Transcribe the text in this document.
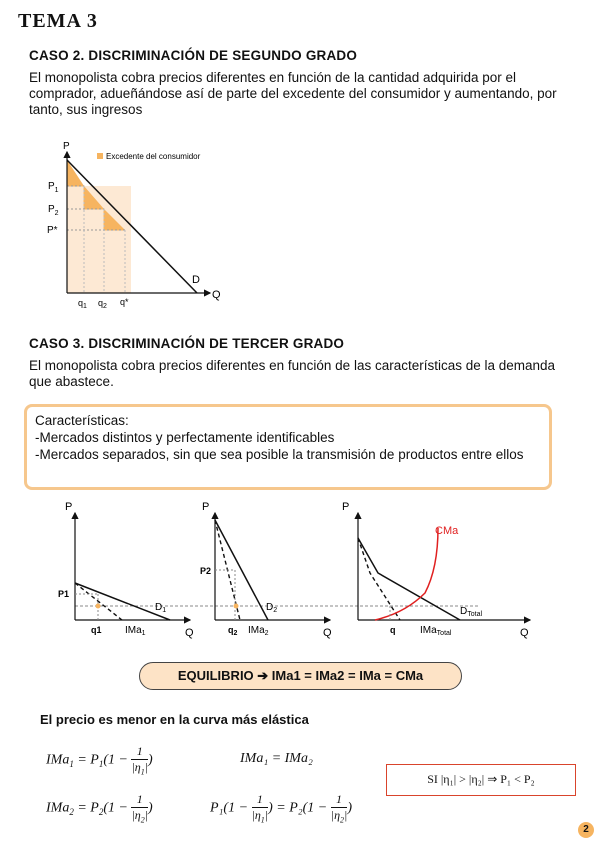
TEMA 3
CASO 2. DISCRIMINACIÓN DE SEGUNDO GRADO
El monopolista cobra precios diferentes en función de la cantidad adquirida por el comprador, adueñándose así de parte del excedente del consumidor y aumentando, por tanto, sus ingresos
P
Q
Excedente del consumidor
$P_1$
$P_2$
P*
$q_1$ $q_2$ q*
D
CASO 3. DISCRIMINACIÓN DE TERCER GRADO
El monopolista cobra precios diferentes en función de las características de la demanda que abastece.
Características:
-Mercados distintos y perfectamente identificables
-Mercados separados, sin que sea posible la transmisión de productos entre ellos
P
Q
P1
q1
$D_1$
IMa$_1$
P
Q
P2
$q_2$
$D_2$
IMa$_2$
P
Q
q
CMa
$D_{Total}$
IMa$_{Total}$
EQUILIBRIO ➔ IMa1 = IMa2 = IMa = CMa
El precio es menor en la curva más elástica
$IMa_1 = P_1(1 - \frac{1}{|\eta_1|}$ )	IMa₁ = IMa₂
$IMa_2 = P_2(1 - \frac{1}{|\eta_2|}$ )	$P_1(1 - \frac{1}{|\eta_1|}$ ) = $P_2(1 - \frac{1}{|\eta_2|}$ )
SI |η₁| > |η₂| ⇒ P₁ < P₂
2
